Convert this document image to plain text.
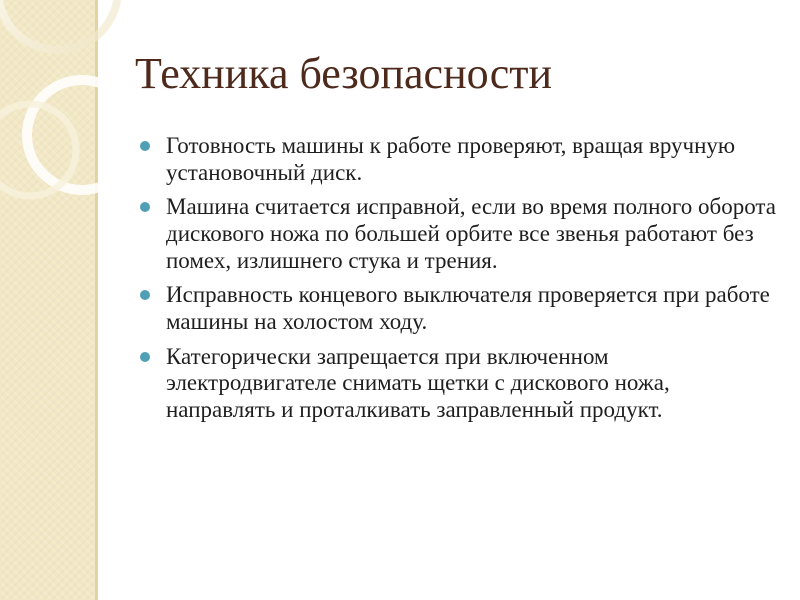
Техника безопасности
Готовность машины к работе проверяют, вращая вручную установочный диск.
Машина считается исправной, если во время полного оборота дискового ножа по большей орбите все звенья работают без помех, излишнего стука и трения.
Исправность концевого выключателя проверяется при работе машины на холостом ходу.
Категорически запрещается при включенном электродвигателе снимать щетки с дискового ножа, направлять и проталкивать заправленный продукт.
